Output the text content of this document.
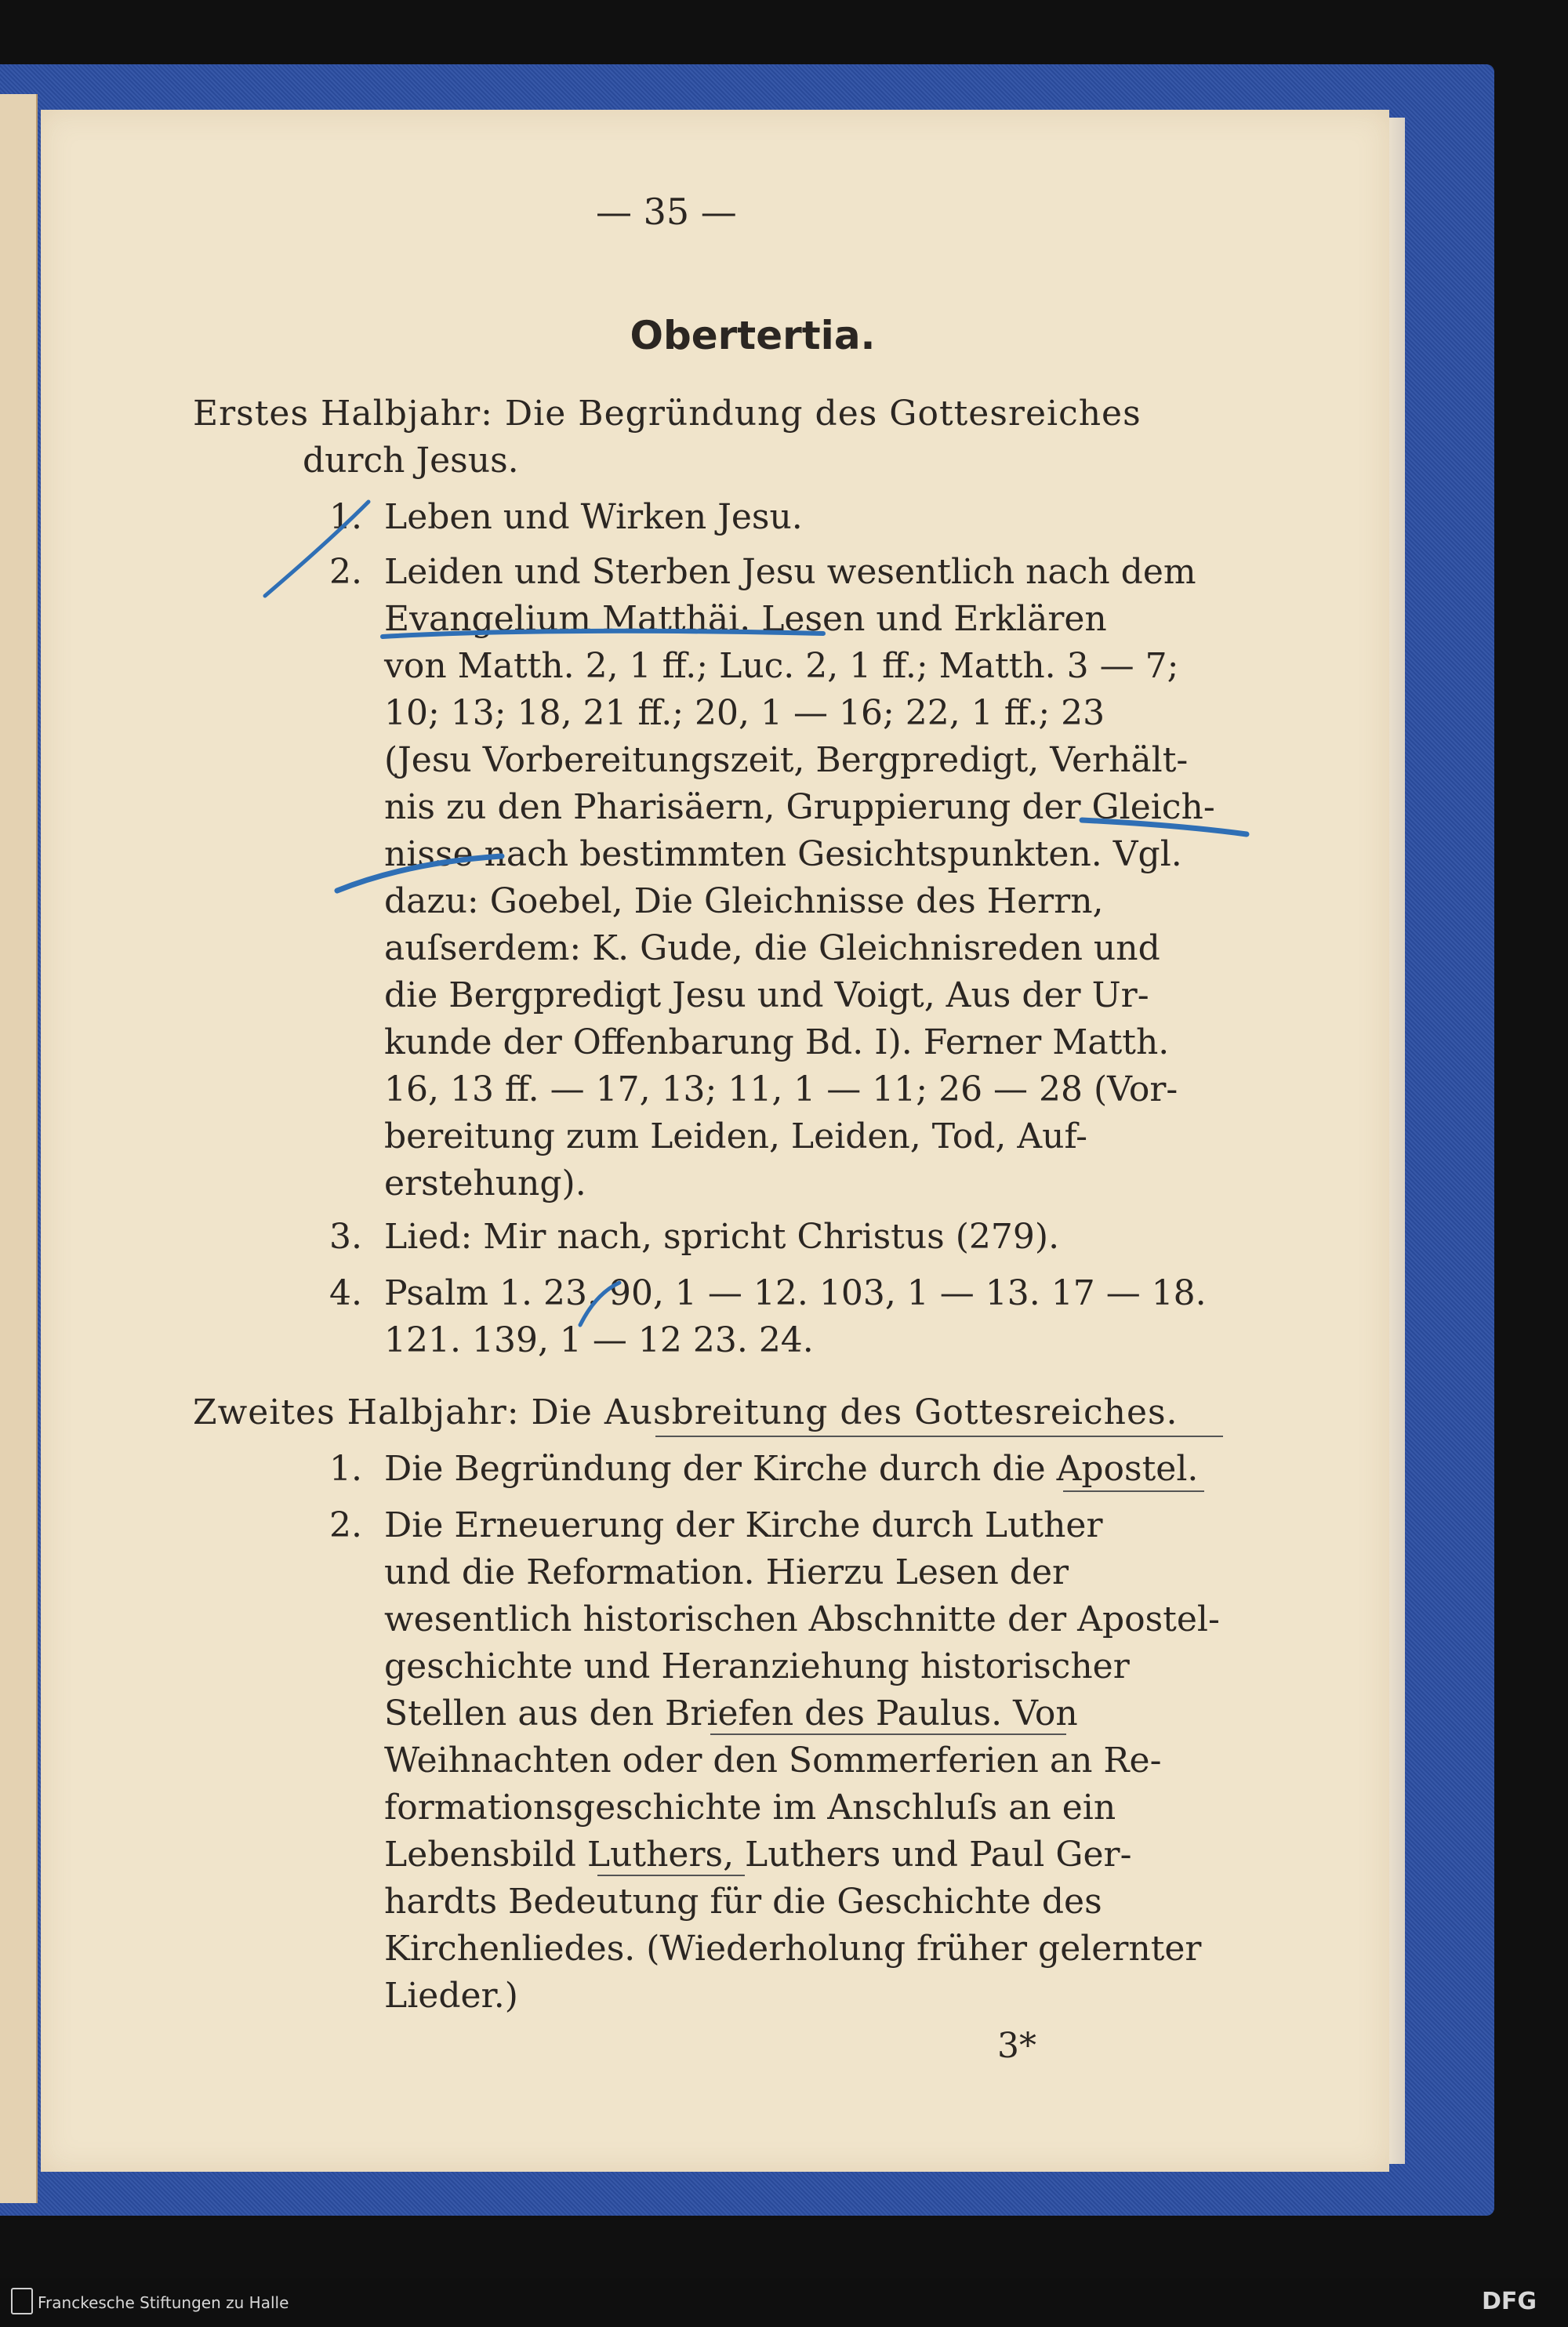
— 35 —
Obertertia.
Erstes Halbjahr: Die Begründung des Gottesreiches
durch Jesus.
1. Leben und Wirken Jesu.
2. Leiden und Sterben Jesu wesentlich nach dem
Evangelium Matthäi. Lesen und Erklären
von Matth. 2, 1 ff.; Luc. 2, 1 ff.; Matth. 3 — 7;
10; 13; 18, 21 ff.; 20, 1 — 16; 22, 1 ff.; 23
(Jesu Vorbereitungszeit, Bergpredigt, Verhält-
nis zu den Pharisäern, Gruppierung der Gleich-
nisse nach bestimmten Gesichtspunkten. Vgl.
dazu: Goebel, Die Gleichnisse des Herrn,
auſserdem: K. Gude, die Gleichnisreden und
die Bergpredigt Jesu und Voigt, Aus der Ur-
kunde der Offenbarung Bd. I). Ferner Matth.
16, 13 ff. — 17, 13; 11, 1 — 11; 26 — 28 (Vor-
bereitung zum Leiden, Leiden, Tod, Auf-
erstehung).
3. Lied: Mir nach, spricht Christus (279).
4. Psalm 1. 23. 90, 1 — 12. 103, 1 — 13. 17 — 18.
121. 139, 1 — 12 23. 24.
Zweites Halbjahr: Die Ausbreitung des Gottesreiches.
1. Die Begründung der Kirche durch die Apostel.
2. Die Erneuerung der Kirche durch Luther
und die Reformation. Hierzu Lesen der
wesentlich historischen Abschnitte der Apostel-
geschichte und Heranziehung historischer
Stellen aus den Briefen des Paulus. Von
Weihnachten oder den Sommerferien an Re-
formationsgeschichte im Anschluſs an ein
Lebensbild Luthers, Luthers und Paul Ger-
hardts Bedeutung für die Geschichte des
Kirchenliedes. (Wiederholung früher gelernter
Lieder.)
3*
Franckesche Stiftungen zu Halle	DFG
